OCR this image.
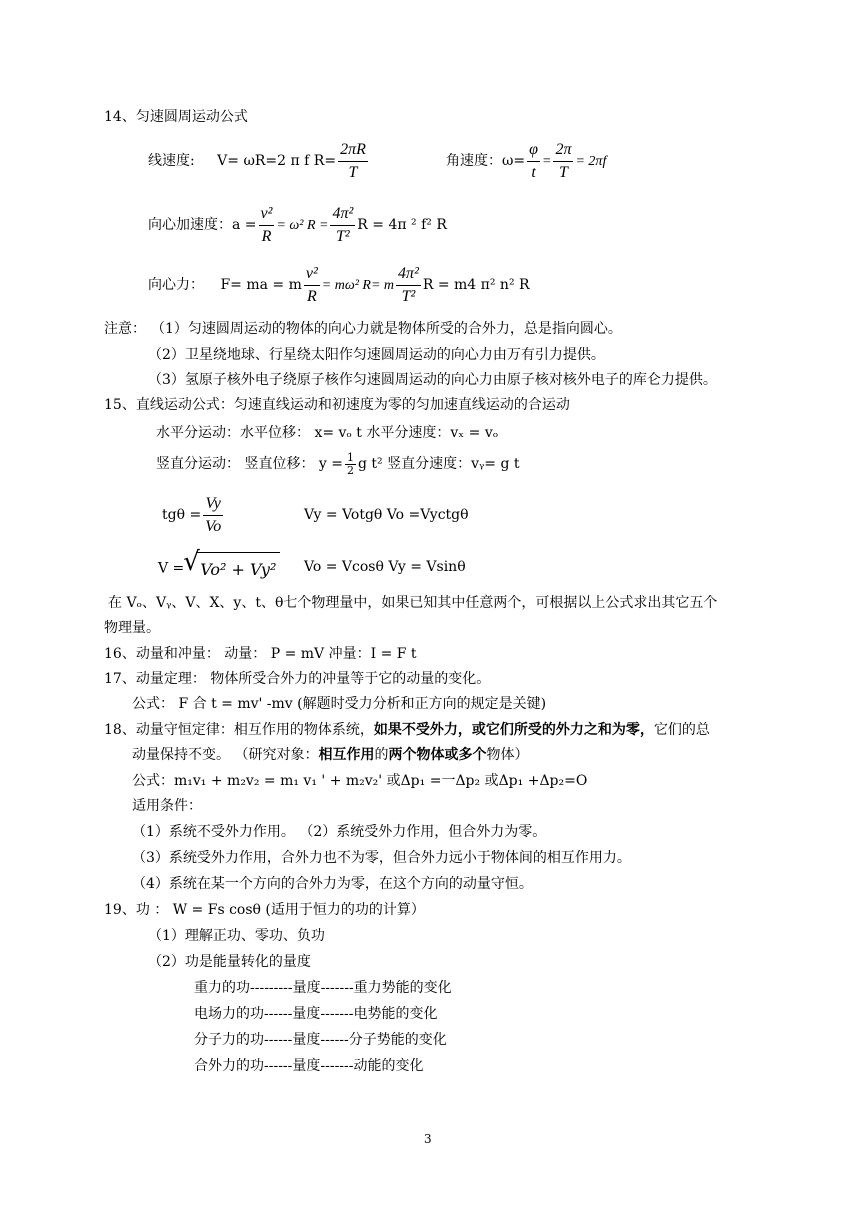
14、匀速圆周运动公式
线速度: V= ωR=2 π f $R= \frac{2\pi R}{T}$	角速度：$\omega= \frac{\varphi}{t} = \frac{2\pi}{T} = 2\pi f$
向心加速度：$a = \frac{\text{v²}}{R} = \omega^2$ $R = \frac{\text{4π²}}{\text{T²}}$ R = 4π ² f² R
向心力： F= ma = m $\frac{\text{v²}}{R} = m\omega^2$ R= m $\frac{\text{4π²}}{\text{T²}}$ R = m4 π² n² R
注意： （1）匀速圆周运动的物体的向心力就是物体所受的合外力，总是指向圆心。
（2）卫星绕地球、行星绕太阳作匀速圆周运动的向心力由万有引力提供。
（3）氢原子核外电子绕原子核作匀速圆周运动的向心力由原子核对核外电子的库仑力提供。
15、直线运动公式：匀速直线运动和初速度为零的匀加速直线运动的合运动
水平分运动：水平位移： x= vₒ t 水平分速度：vₓ = vₒ
竖直分运动： 竖直位移： $y = \frac{1}{2}$ g t² 竖直分速度：vᵧ= g t
$tg\theta = \frac{Vy}{Vo}$	Vy = Votgθ Vo =Vyctgθ
V =√ Vo² + Vy² Vo = Vcosθ Vy = Vsinθ
在 Vₒ、Vᵧ、V、X、y、t、θ七个物理量中，如果已知其中任意两个，可根据以上公式求出其它五个
物理量。
16、动量和冲量： 动量： P = mV 冲量：I = F t
17、动量定理： 物体所受合外力的冲量等于它的动量的变化。
公式： F 合 t = mv' -mv (解题时受力分析和正方向的规定是关键)
18、动量守恒定律：相互作用的物体系统，如果不受外力，或它们所受的外力之和为零，它们的总
动量保持不变。 （研究对象：相互作用的两个物体或多个物体）
公式：m₁v₁ + m₂v₂ = m₁ v₁ ' + m₂v₂' 或Δp₁ =一Δp₂ 或Δp₁ +Δp₂=O
适用条件：
（1）系统不受外力作用。 （2）系统受外力作用，但合外力为零。
（3）系统受外力作用，合外力也不为零，但合外力远小于物体间的相互作用力。
（4）系统在某一个方向的合外力为零，在这个方向的动量守恒。
19、功 ： W = Fs cosθ (适用于恒力的功的计算）
（1）理解正功、零功、负功
（2）功是能量转化的量度
重力的功---------量度-------重力势能的变化
电场力的功------量度-------电势能的变化
分子力的功------量度------分子势能的变化
合外力的功------量度-------动能的变化
3
